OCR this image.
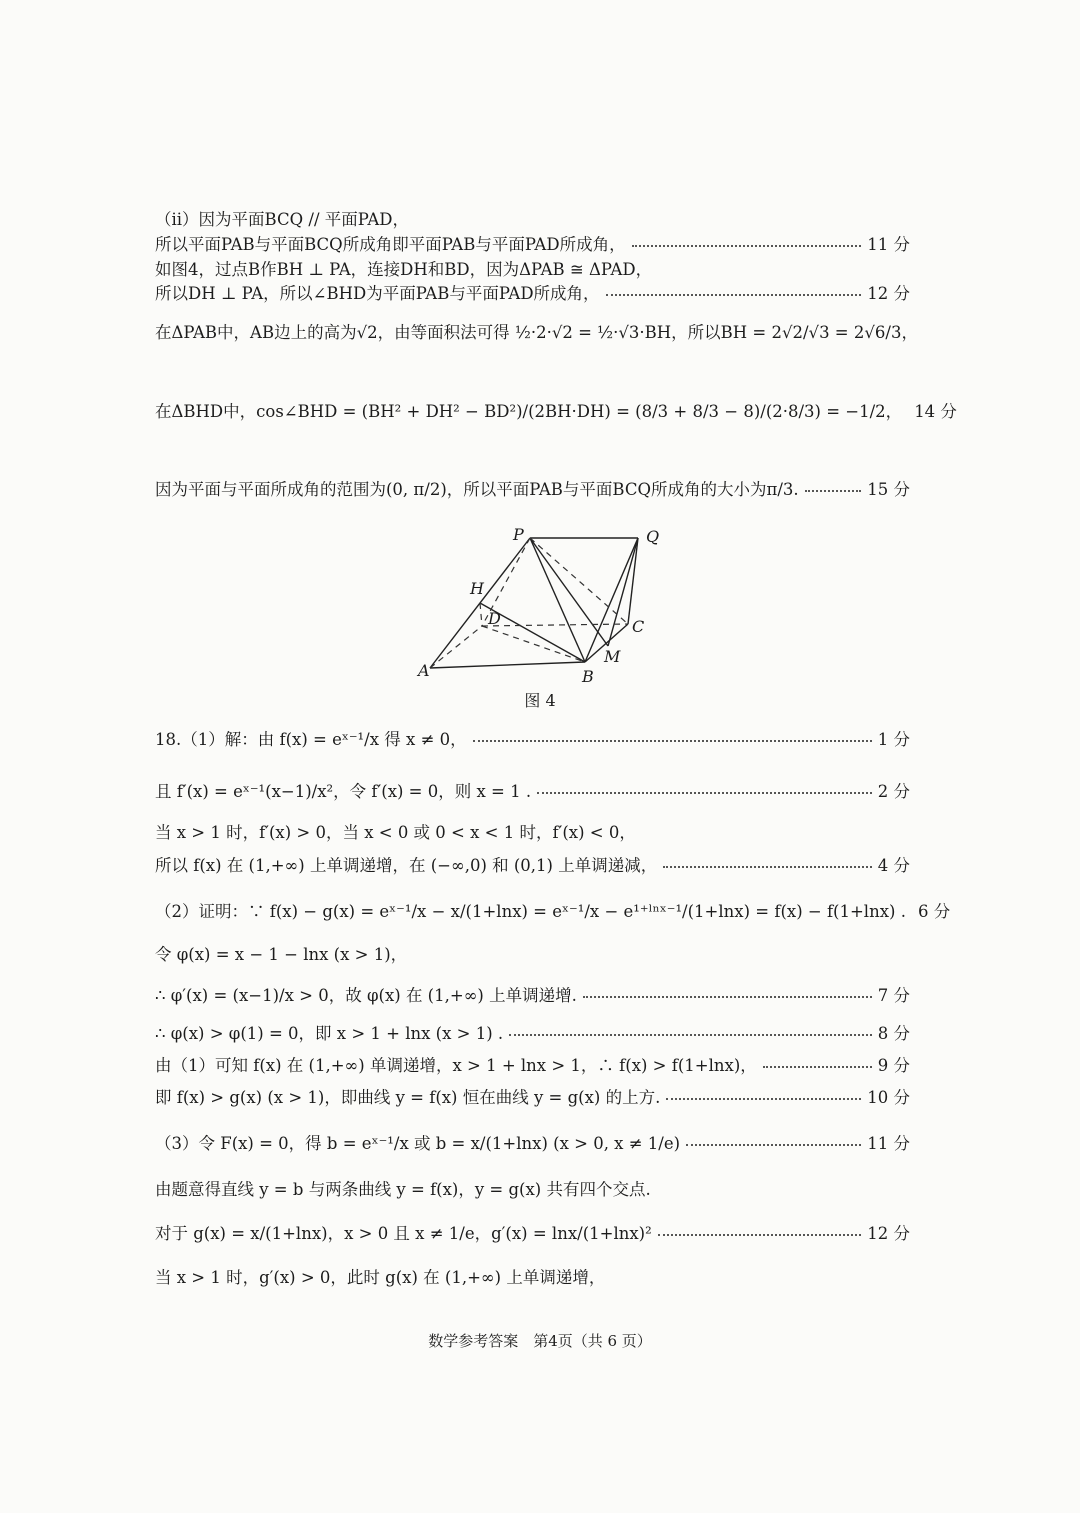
（ii）因为平面BCQ // 平面PAD，
所以平面PAB与平面BCQ所成角即平面PAB与平面PAD所成角，	11 分
如图4，过点B作BH ⊥ PA，连接DH和BD，因为ΔPAB ≅ ΔPAD，
所以DH ⊥ PA，所以∠BHD为平面PAB与平面PAD所成角，	12 分
在ΔPAB中，AB边上的高为√2，由等面积法可得 ½·2·√2 = ½·√3·BH，所以BH = 2√2/√3 = 2√6/3，
在ΔBHD中，cos∠BHD = (BH² + DH² − BD²)/(2BH·DH) = (8/3 + 8/3 − 8)/(2·8/3) = −1/2， 14 分
因为平面与平面所成角的范围为(0, π/2)，所以平面PAB与平面BCQ所成角的大小为π/3.	15 分
P	Q
H
D	C
A	B
M
图 4
18.（1）解：由 f(x) = eˣ⁻¹/x 得 x ≠ 0，	1 分
且 f′(x) = eˣ⁻¹(x−1)/x²，令 f′(x) = 0，则 x = 1 .	2 分
当 x > 1 时，f′(x) > 0，当 x < 0 或 0 < x < 1 时，f′(x) < 0，
所以 f(x) 在 (1,+∞) 上单调递增，在 (−∞,0) 和 (0,1) 上单调递减，	4 分
（2）证明：∵ f(x) − g(x) = eˣ⁻¹/x − x/(1+lnx) = eˣ⁻¹/x − e¹⁺ˡⁿˣ⁻¹/(1+lnx) = f(x) − f(1+lnx) . 6 分
令 φ(x) = x − 1 − lnx (x > 1)，
∴ φ′(x) = (x−1)/x > 0，故 φ(x) 在 (1,+∞) 上单调递增.	7 分
∴ φ(x) > φ(1) = 0，即 x > 1 + lnx (x > 1) .	8 分
由（1）可知 f(x) 在 (1,+∞) 单调递增，x > 1 + lnx > 1，∴ f(x) > f(1+lnx)，	9 分
即 f(x) > g(x) (x > 1)，即曲线 y = f(x) 恒在曲线 y = g(x) 的上方.	10 分
（3）令 F(x) = 0，得 b = eˣ⁻¹/x 或 b = x/(1+lnx) (x > 0, x ≠ 1/e)	11 分
由题意得直线 y = b 与两条曲线 y = f(x)，y = g(x) 共有四个交点.
对于 g(x) = x/(1+lnx)，x > 0 且 x ≠ 1/e，g′(x) = lnx/(1+lnx)²	12 分
当 x > 1 时，g′(x) > 0，此时 g(x) 在 (1,+∞) 上单调递增，
数学参考答案　第4页（共 6 页）
